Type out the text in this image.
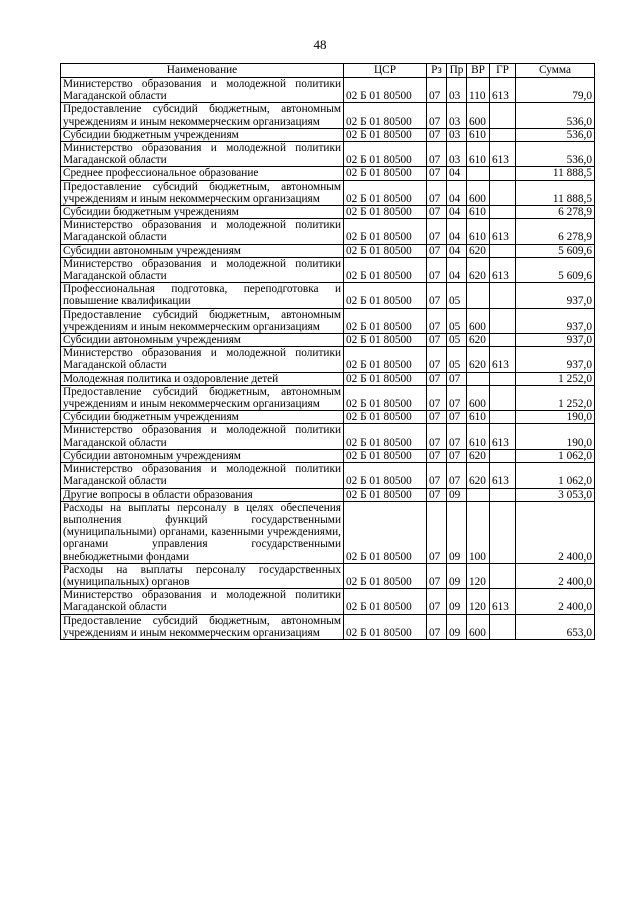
48
Наименование	ЦСР	Рз	Пр	ВР	ГР	Сумма
Министерство образования и молодежной политики Магаданской области	02 Б 01 80500	07	03	110	613	79,0
Предоставление субсидий бюджетным, автономным учреждениям и иным некоммерческим организациям	02 Б 01 80500	07	03	600		536,0
Субсидии бюджетным учреждениям	02 Б 01 80500	07	03	610		536,0
Министерство образования и молодежной политики Магаданской области	02 Б 01 80500	07	03	610	613	536,0
Среднее профессиональное образование	02 Б 01 80500	07	04			11 888,5
Предоставление субсидий бюджетным, автономным учреждениям и иным некоммерческим организациям	02 Б 01 80500	07	04	600		11 888,5
Субсидии бюджетным учреждениям	02 Б 01 80500	07	04	610		6 278,9
Министерство образования и молодежной политики Магаданской области	02 Б 01 80500	07	04	610	613	6 278,9
Субсидии автономным учреждениям	02 Б 01 80500	07	04	620		5 609,6
Министерство образования и молодежной политики Магаданской области	02 Б 01 80500	07	04	620	613	5 609,6
Профессиональная подготовка, переподготовка и повышение квалификации	02 Б 01 80500	07	05			937,0
Предоставление субсидий бюджетным, автономным учреждениям и иным некоммерческим организациям	02 Б 01 80500	07	05	600		937,0
Субсидии автономным учреждениям	02 Б 01 80500	07	05	620		937,0
Министерство образования и молодежной политики Магаданской области	02 Б 01 80500	07	05	620	613	937,0
Молодежная политика и оздоровление детей	02 Б 01 80500	07	07			1 252,0
Предоставление субсидий бюджетным, автономным учреждениям и иным некоммерческим организациям	02 Б 01 80500	07	07	600		1 252,0
Субсидии бюджетным учреждениям	02 Б 01 80500	07	07	610		190,0
Министерство образования и молодежной политики Магаданской области	02 Б 01 80500	07	07	610	613	190,0
Субсидии автономным учреждениям	02 Б 01 80500	07	07	620		1 062,0
Министерство образования и молодежной политики Магаданской области	02 Б 01 80500	07	07	620	613	1 062,0
Другие вопросы в области образования	02 Б 01 80500	07	09			3 053,0
Расходы на выплаты персоналу в целях обеспечения выполнения функций государственными (муниципальными) органами, казенными учреждениями, органами управления государственными внебюджетными фондами	02 Б 01 80500	07	09	100		2 400,0
Расходы на выплаты персоналу государственных (муниципальных) органов	02 Б 01 80500	07	09	120		2 400,0
Министерство образования и молодежной политики Магаданской области	02 Б 01 80500	07	09	120	613	2 400,0
Предоставление субсидий бюджетным, автономным учреждениям и иным некоммерческим организациям	02 Б 01 80500	07	09	600		653,0
